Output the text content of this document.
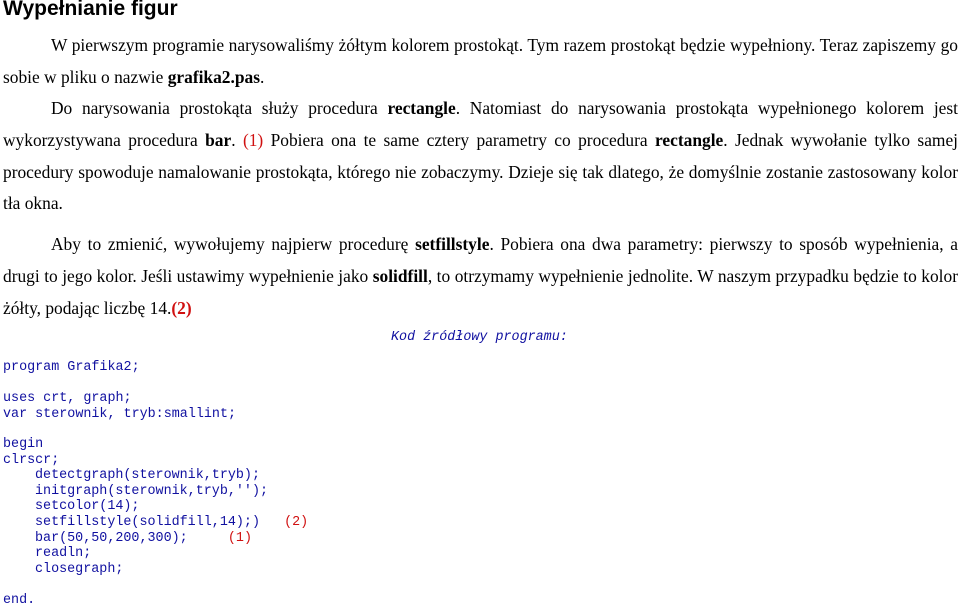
Wypełnianie figur
W pierwszym programie narysowaliśmy żółtym kolorem prostokąt. Tym razem prostokąt będzie wypełniony. Teraz zapiszemy go sobie w pliku o nazwie grafika2.pas.
Do narysowania prostokąta służy procedura rectangle. Natomiast do narysowania prostokąta wypełnionego kolorem jest wykorzystywana procedura bar. (1) Pobiera ona te same cztery parametry co procedura rectangle. Jednak wywołanie tylko samej procedury spowoduje namalowanie prostokąta, którego nie zobaczymy. Dzieje się tak dlatego, że domyślnie zostanie zastosowany kolor tła okna.
Aby to zmienić, wywołujemy najpierw procedurę setfillstyle. Pobiera ona dwa parametry: pierwszy to sposób wypełnienia, a drugi to jego kolor. Jeśli ustawimy wypełnienie jako solidfill, to otrzymamy wypełnienie jednolite. W naszym przypadku będzie to kolor żółty, podając liczbę 14.(2)
Kod źródłowy programu:
program Grafika2;
uses crt, graph;
var sterownik, tryb:smallint;
begin
clrscr;
detectgraph(sterownik,tryb);
initgraph(sterownik,tryb,'');
setcolor(14);
setfillstyle(solidfill,14);) (2)
bar(50,50,200,300);	(1)
readln;
closegraph;
end.
